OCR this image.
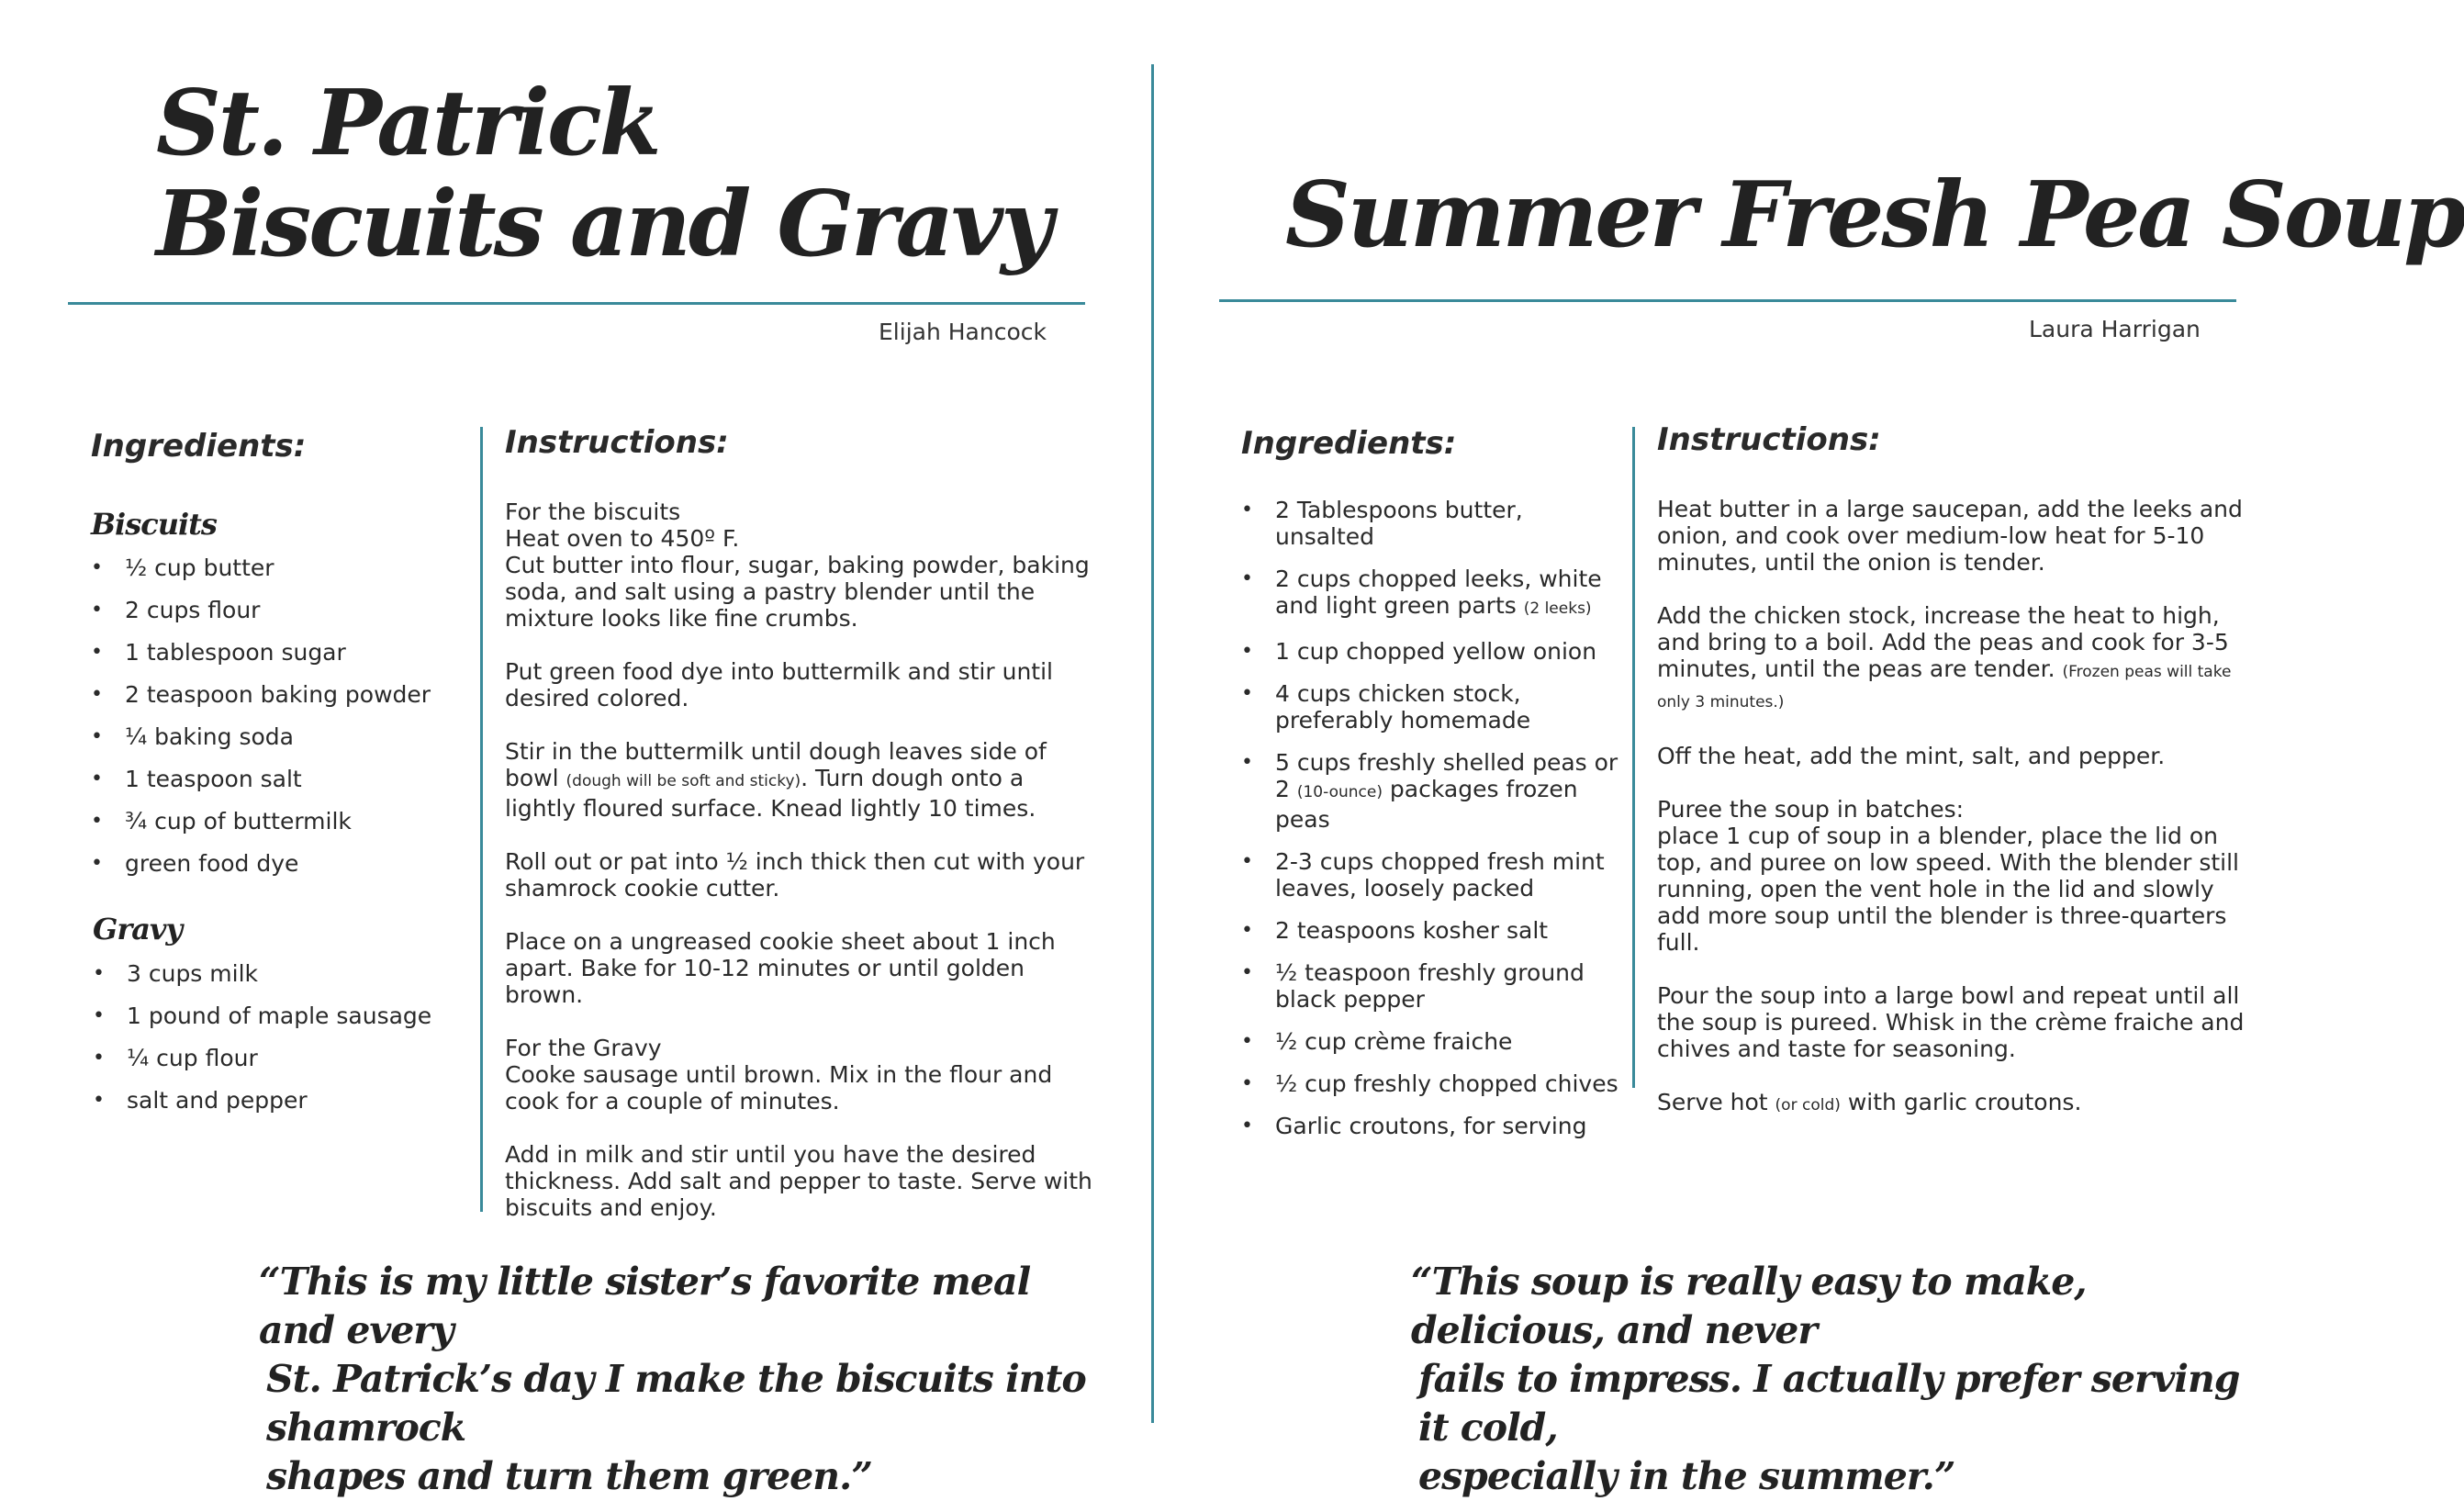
St. Patrick
Biscuits and Gravy
Elijah Hancock
Ingredients:
Biscuits
• ½ cup butter
• 2 cups flour
• 1 tablespoon sugar
• 2 teaspoon baking powder
• ¼ baking soda
• 1 teaspoon salt
• ¾ cup of buttermilk
• green food dye
Gravy
• 3 cups milk
• 1 pound of maple sausage
• ¼ cup flour
• salt and pepper
Instructions:

For the biscuits
Heat oven to 450º F.
Cut butter into flour, sugar, baking powder, baking soda, and salt using a pastry blender until the mixture looks like fine crumbs.

Put green food dye into buttermilk and stir until desired colored.

Stir in the buttermilk until dough leaves side of bowl (dough will be soft and sticky). Turn dough onto a lightly floured surface. Knead lightly 10 times.

Roll out or pat into ½ inch thick then cut with your shamrock cookie cutter.

Place on a ungreased cookie sheet about 1 inch apart. Bake for 10-12 minutes or until golden brown.

For the Gravy
Cooke sausage until brown. Mix in the flour and cook for a couple of minutes.

Add in milk and stir until you have the desired thickness. Add salt and pepper to taste. Serve with biscuits and enjoy.

“This is my little sister’s favorite meal and every
St. Patrick’s day I make the biscuits into shamrock
shapes and turn them green.”
Summer Fresh Pea Soup
Laura Harrigan
Ingredients:
• 2 Tablespoons butter, unsalted
• 2 cups chopped leeks, white and light green parts (2 leeks)
• 1 cup chopped yellow onion
• 4 cups chicken stock, preferably homemade
• 5 cups freshly shelled peas or 2 (10-ounce) packages frozen peas
• 2-3 cups chopped fresh mint leaves, loosely packed
• 2 teaspoons kosher salt
• ½ teaspoon freshly ground black pepper
• ½ cup crème fraiche
• ½ cup freshly chopped chives
• Garlic croutons, for serving
Instructions:

Heat butter in a large saucepan, add the leeks and onion, and cook over medium-low heat for 5-10 minutes, until the onion is tender.

Add the chicken stock, increase the heat to high, and bring to a boil. Add the peas and cook for 3-5 minutes, until the peas are tender. (Frozen peas will take only 3 minutes.)

Off the heat, add the mint, salt, and pepper.

Puree the soup in batches:
place 1 cup of soup in a blender, place the lid on top, and puree on low speed. With the blender still running, open the vent hole in the lid and slowly add more soup until the blender is three-quarters full.

Pour the soup into a large bowl and repeat until all the soup is pureed. Whisk in the crème fraiche and chives and taste for seasoning.

Serve hot (or cold) with garlic croutons.

“This soup is really easy to make, delicious, and never
fails to impress. I actually prefer serving it cold,
especially in the summer.”
